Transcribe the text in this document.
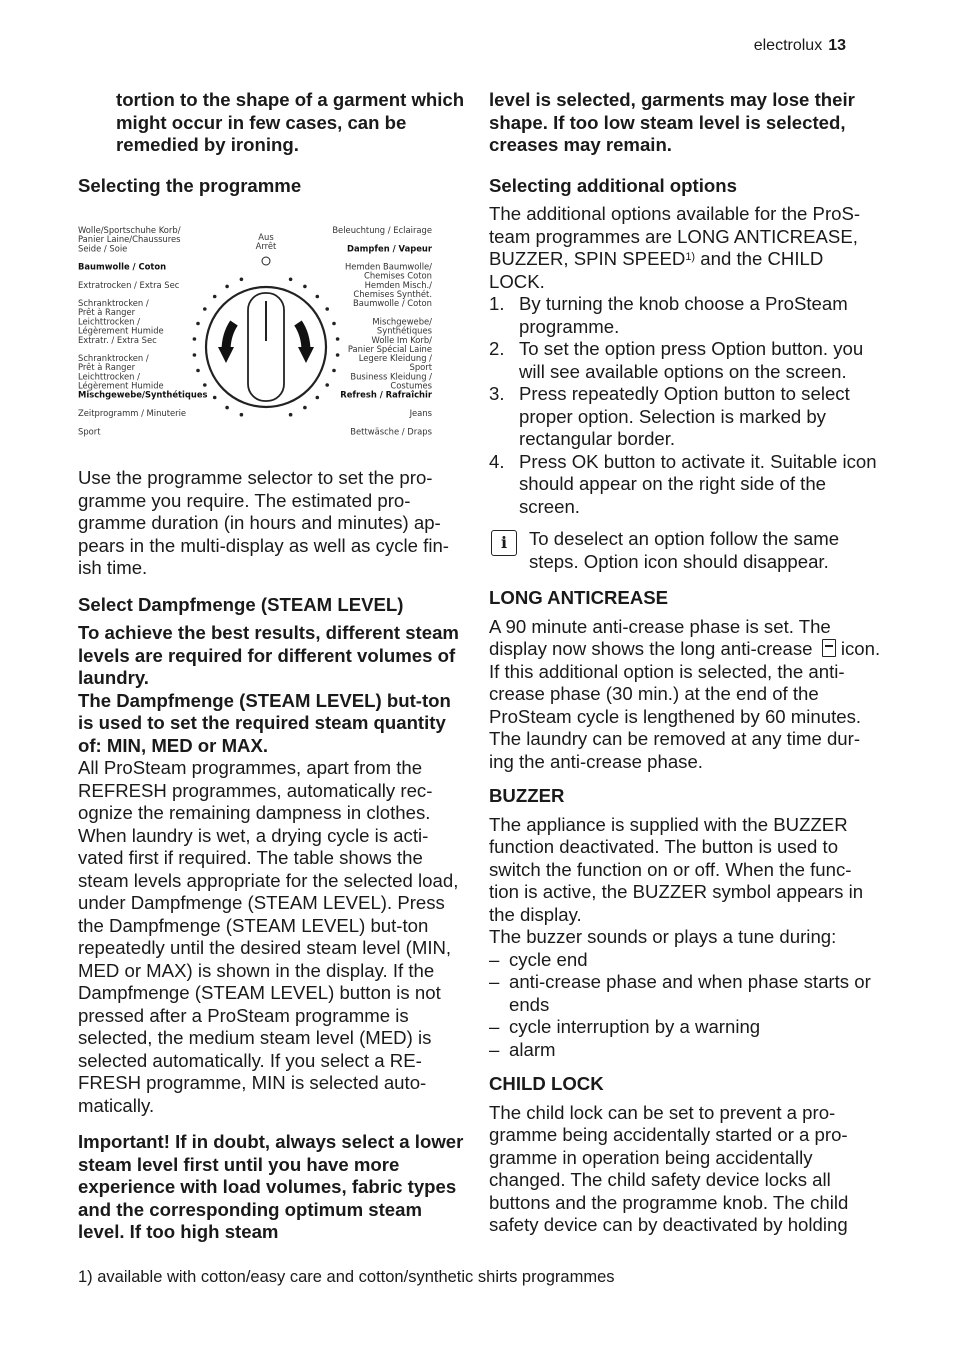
electrolux 13

tortion to the shape of a garment which might occur in few cases, can be remedied by ironing.

Selecting the programme

Aus
Arrêt
Wolle/Sportschuhe Korb/
Panier Laine/Chaussures
Seide / Soie
Baumwolle / Coton
Extratrocken / Extra Sec
Schranktrocken /
Prêt à Ranger
Leichttrocken /
Légèrement Humide
Extratr. / Extra Sec
Schranktrocken /
Prêt à Ranger
Leichttrocken /
Légèrement Humide
Mischgewebe/Synthétiques
Zeitprogramm / Minuterie
Sport
Beleuchtung / Eclairage
Dampfen / Vapeur
Hemden Baumwolle/
Chemises Coton
Hemden Misch./
Chemises Synthét.
Baumwolle / Coton
Mischgewebe/
Synthétiques
Wolle Im Korb/
Panier Spécial Laine
Legere Kleidung /
Sport
Business Kleidung /
Costumes
Refresh / Rafraîchir
Jeans
Bettwäsche / Draps

Use the programme selector to set the pro-gramme you require. The estimated pro-gramme duration (in hours and minutes) ap-pears in the multi-display as well as cycle fin-ish time.

Select Dampfmenge (STEAM LEVEL)

To achieve the best results, different steam levels are required for different volumes of laundry.

The Dampfmenge (STEAM LEVEL) but-ton is used to set the required steam quantity of: MIN, MED or MAX.

All ProSteam programmes, apart from the REFRESH programmes, automatically rec-ognize the remaining dampness in clothes. When laundry is wet, a drying cycle is acti-vated first if required. The table shows the steam levels appropriate for the selected load, under Dampfmenge (STEAM LEVEL). Press the Dampfmenge (STEAM LEVEL) but-ton repeatedly until the desired steam level (MIN, MED or MAX) is shown in the display. If the Dampfmenge (STEAM LEVEL) button is not pressed after a ProSteam programme is selected, the medium steam level (MED) is selected automatically. If you select a RE-FRESH programme, MIN is selected auto-matically.

Important! If in doubt, always select a lower steam level first until you have more experience with load volumes, fabric types and the corresponding optimum steam level. If too high steam

level is selected, garments may lose their shape. If too low steam level is selected, creases may remain.

Selecting additional options

The additional options available for the ProS-team programmes are LONG ANTICREASE, BUZZER, SPIN SPEED$^{1)}$ and the CHILD LOCK.

1. By turning the knob choose a ProSteam programme.
2. To set the option press Option button. you will see available options on the screen.
3. Press repeatedly Option button to select proper option. Selection is marked by rectangular border.
4. Press OK button to activate it. Suitable icon should appear on the right side of the screen.
i	To deselect an option follow the same steps. Option icon should disappear.

LONG ANTICREASE

A 90 minute anti-crease phase is set. The display now shows the long anti-crease icon. If this additional option is selected, the anti-crease phase (30 min.) at the end of the ProSteam cycle is lengthened by 60 minutes. The laundry can be removed at any time dur-ing the anti-crease phase.

BUZZER

The appliance is supplied with the BUZZER function deactivated. The button is used to switch the function on or off. When the func-tion is active, the BUZZER symbol appears in the display.

The buzzer sounds or plays a tune during:

– cycle end
– anti-crease phase and when phase starts or ends
– cycle interruption by a warning
– alarm

CHILD LOCK

The child lock can be set to prevent a pro-gramme being accidentally started or a pro-gramme in operation being accidentally changed. The child safety device locks all buttons and the programme knob. The child safety device can by deactivated by holding

1) available with cotton/easy care and cotton/synthetic shirts programmes
